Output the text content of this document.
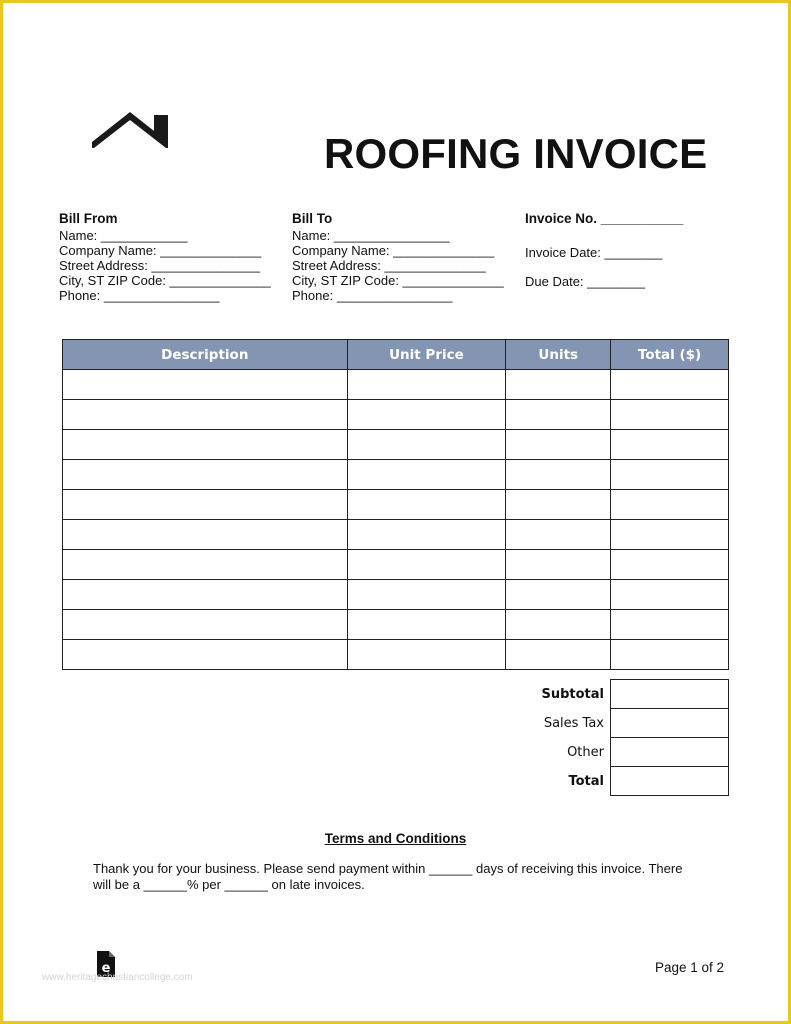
ROOFING INVOICE
Bill From
Name: ____________
Company Name: ______________
Street Address: _______________
City, ST ZIP Code: ______________
Phone: ________________
Bill To
Name: ________________
Company Name: ______________
Street Address: ______________
City, ST ZIP Code: ______________
Phone: ________________
Invoice No. ___________
Invoice Date: ________
Due Date: ________
Description	Unit Price	Units	Total ($)

Subtotal	
Sales Tax	
Other	
Total	
Terms and Conditions
Thank you for your business. Please send payment within ______ days of receiving this invoice. There
will be a ______% per ______ on late invoices.
e
www.heritagechristiancollege.com
Page 1 of 2
